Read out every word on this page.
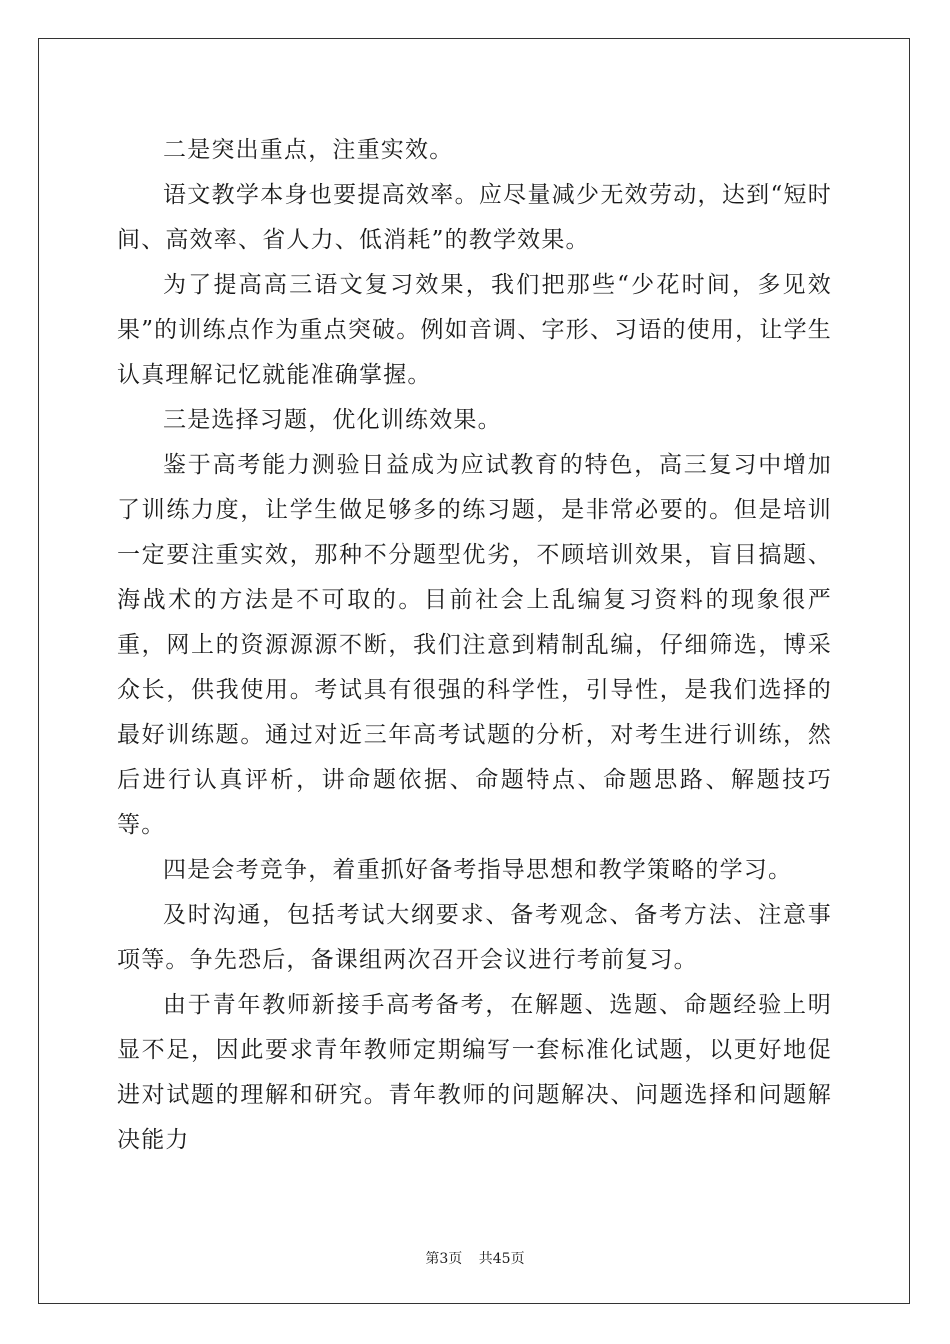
二是突出重点，注重实效。

语文教学本身也要提高效率。应尽量减少无效劳动，达到“短时间、高效率、省人力、低消耗”的教学效果。

为了提高高三语文复习效果，我们把那些“少花时间，多见效果”的训练点作为重点突破。例如音调、字形、习语的使用，让学生认真理解记忆就能准确掌握。

三是选择习题，优化训练效果。

鉴于高考能力测验日益成为应试教育的特色，高三复习中增加了训练力度，让学生做足够多的练习题，是非常必要的。但是培训一定要注重实效，那种不分题型优劣，不顾培训效果，盲目搞题、海战术的方法是不可取的。目前社会上乱编复习资料的现象很严重，网上的资源源源不断，我们注意到精制乱编，仔细筛选，博采众长，供我使用。考试具有很强的科学性，引导性，是我们选择的最好训练题。通过对近三年高考试题的分析，对考生进行训练，然后进行认真评析，讲命题依据、命题特点、命题思路、解题技巧等。

四是会考竞争，着重抓好备考指导思想和教学策略的学习。

及时沟通，包括考试大纲要求、备考观念、备考方法、注意事项等。争先恐后，备课组两次召开会议进行考前复习。

由于青年教师新接手高考备考，在解题、选题、命题经验上明显不足，因此要求青年教师定期编写一套标准化试题，以更好地促进对试题的理解和研究。青年教师的问题解决、问题选择和问题解决能力

第3页 共45页
